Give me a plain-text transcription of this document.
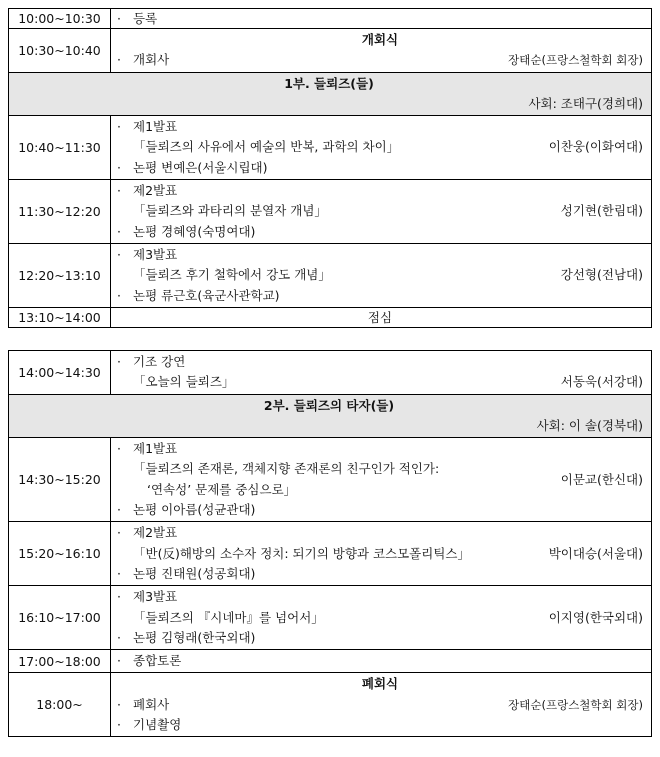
10:00~10:30	· 등록

10:30~10:40	개회식
· 개회사 장태순(프랑스철학회 회장)

1부. 들뢰즈(들)
사회: 조태구(경희대)	

10:40~11:30	· 제1발표
「들뢰즈의 사유에서 예술의 반복, 과학의 차이」 이찬웅(이화여대)
· 논평 변예은(서울시립대)

11:30~12:20	· 제2발표
「들뢰즈와 과타리의 분열자 개념」 성기현(한림대)
· 논평 경혜영(숙명여대)

12:20~13:10	· 제3발표
「들뢰즈 후기 철학에서 강도 개념」 강선형(전남대)
· 논평 류근호(육군사관학교)

13:10~14:00	점심
14:00~14:30	· 기조 강연
「오늘의 들뢰즈」 서동욱(서강대)

2부. 들뢰즈의 타자(들)
사회: 이 솔(경북대)	

14:30~15:20	· 제1발표
「들뢰즈의 존재론, 객체지향 존재론의 친구인가 적인가:
‘연속성’ 문제를 중심으로」
이문교(한신대)
· 논평 이아름(성균관대)

15:20~16:10	· 제2발표
「반(反)해방의 소수자 정치: 되기의 방향과 코스모폴리틱스」 박이대승(서울대)
· 논평 진태원(성공회대)

16:10~17:00	· 제3발표
「들뢰즈의 『시네마』를 넘어서」 이지영(한국외대)
· 논평 김형래(한국외대)

17:00~18:00	· 종합토론

18:00~	폐회식
· 폐회사 장태순(프랑스철학회 회장)
· 기념촬영
